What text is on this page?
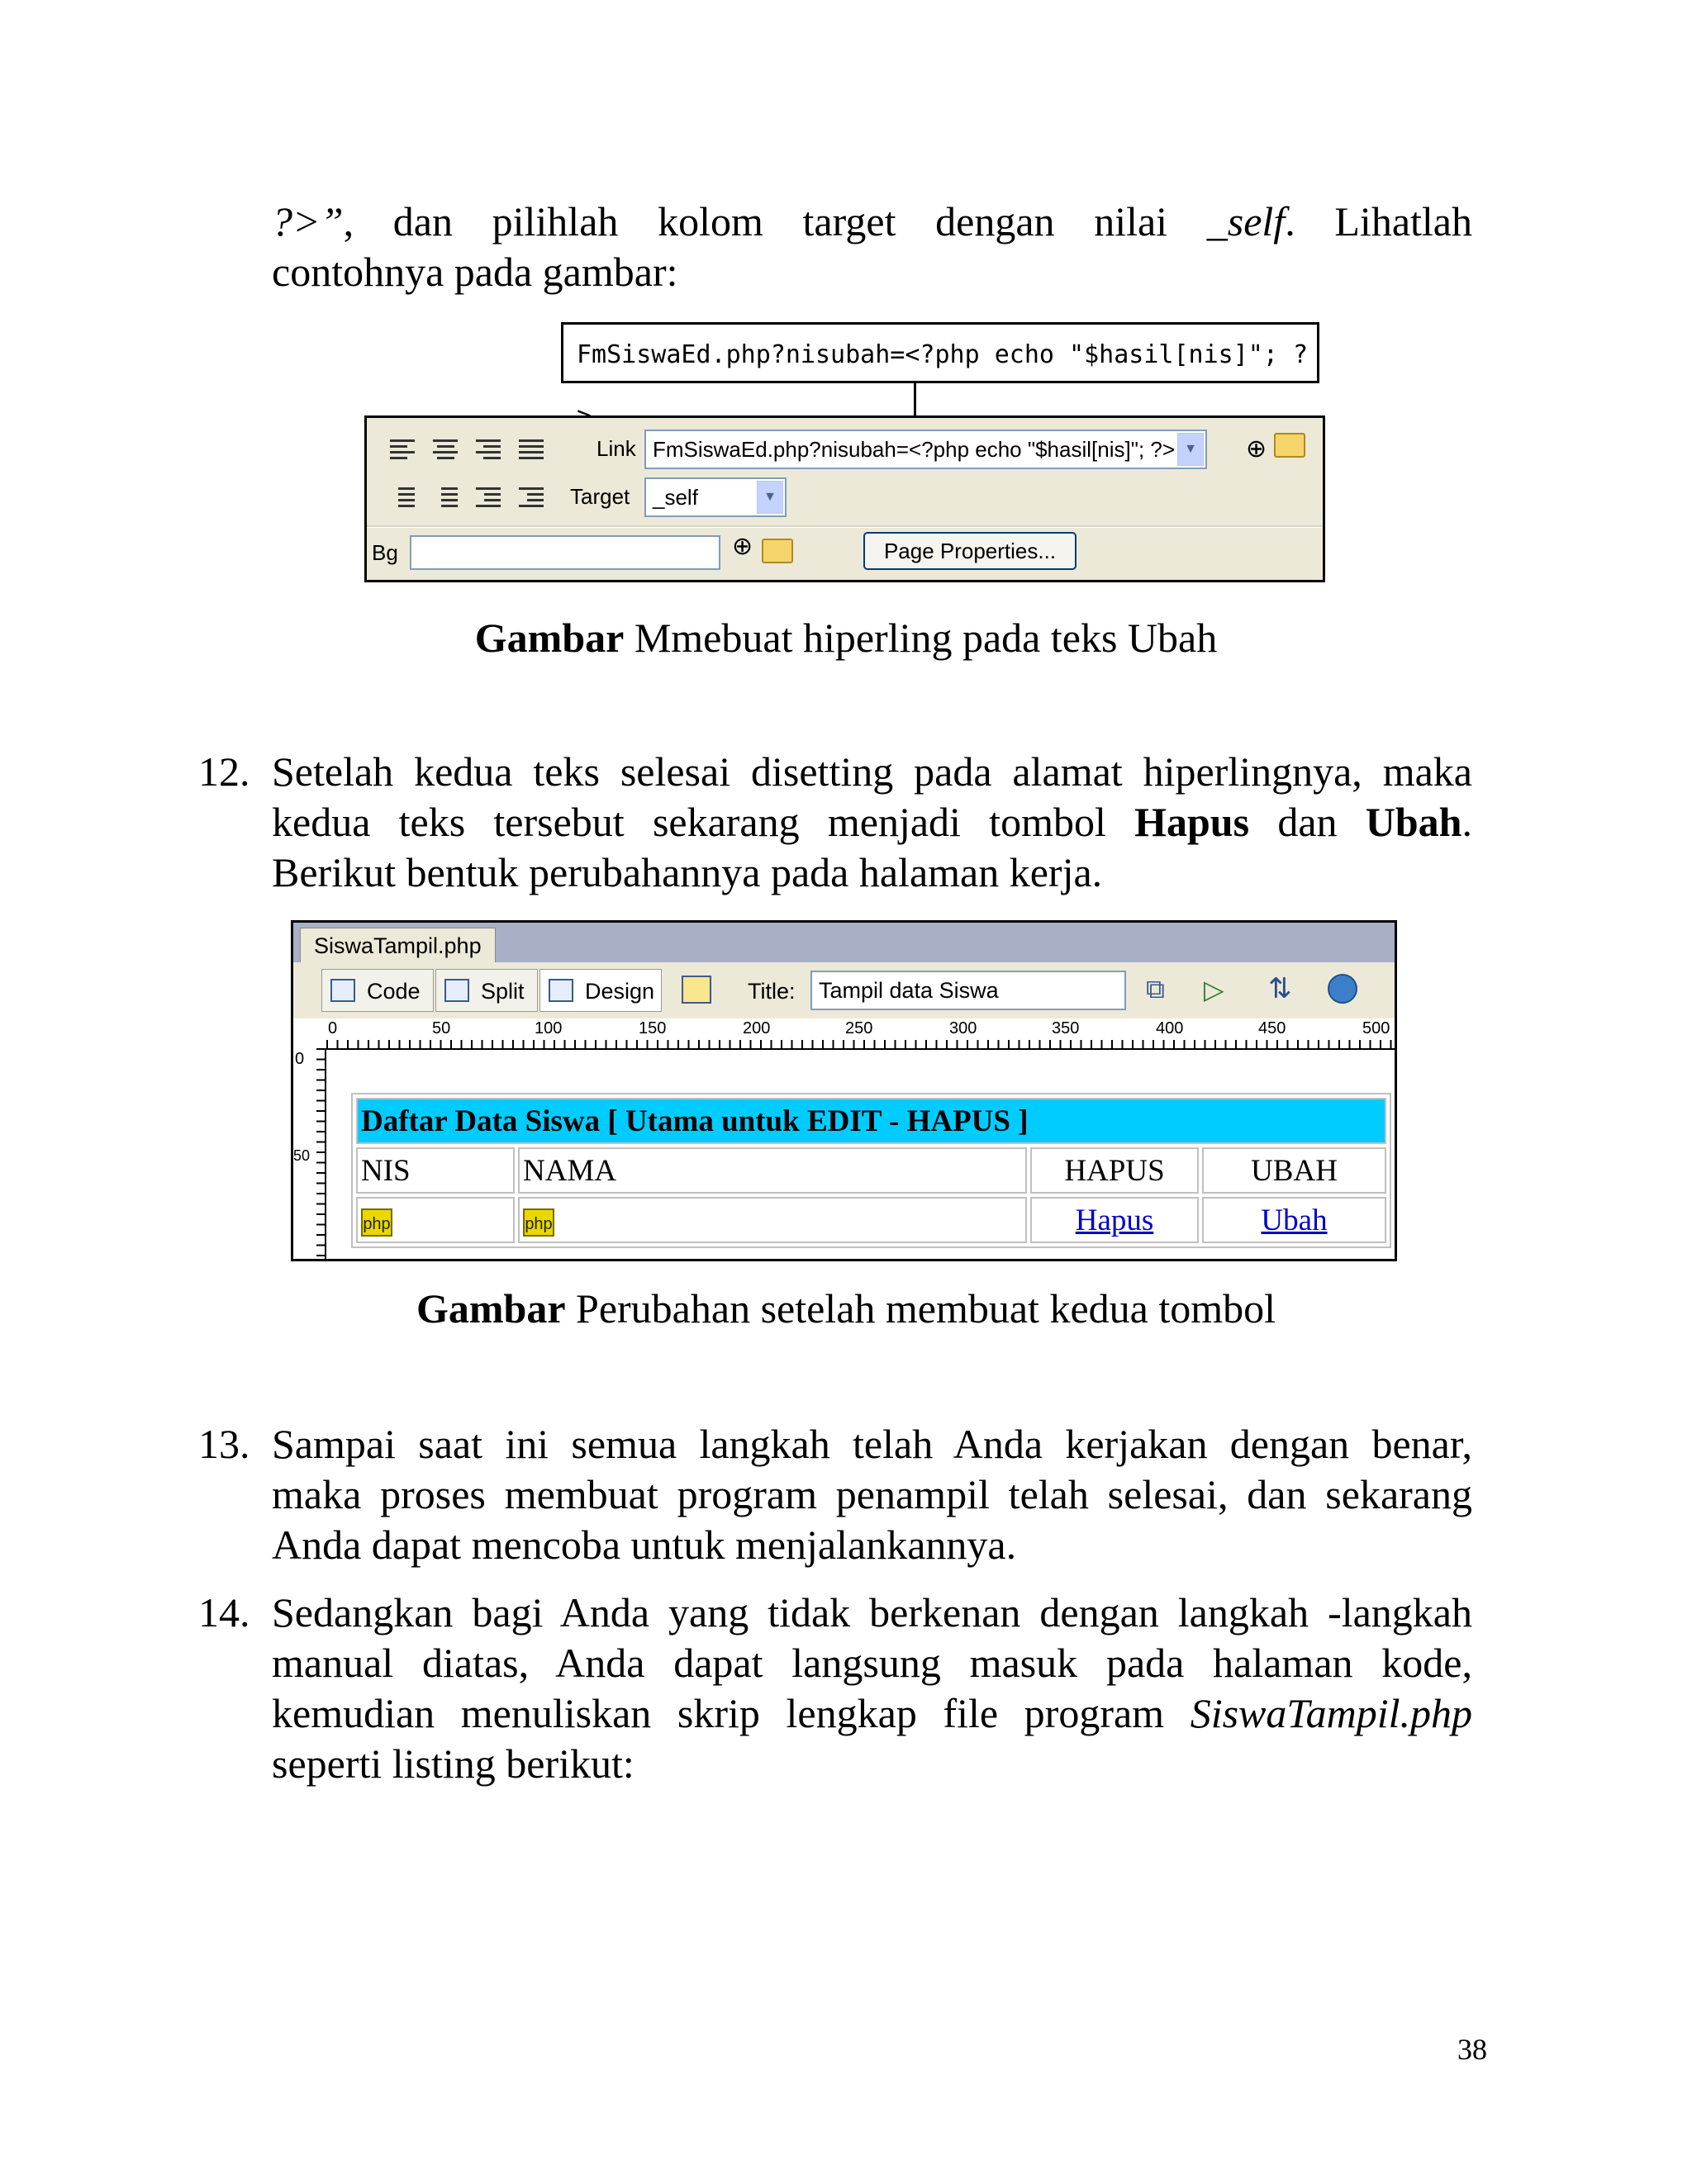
?>”, dan pilihlah kolom target dengan nilai _self. Lihatlah
contohnya pada gambar:
FmSiswaEd.php?nisubah=<?php echo "$hasil[nis]"; ?
Link FmSiswaEd.php?nisubah=<?php echo "$hasil[nis]"; ?> ▼ ⊕
Target	_self	▼
Bg	⊕	Page Properties...
Gambar Mmebuat hiperling pada teks Ubah
12. Setelah kedua teks selesai disetting pada alamat hiperlingnya, maka
kedua teks tersebut sekarang menjadi tombol Hapus dan Ubah.
Berikut bentuk perubahannya pada halaman kerja.
SiswaTampil.php
Code	Split	Design	Title:	Tampil data Siswa	⧉ ▷ ⇅
0	50	100	150	200	250	300	350	400	450	500
0
50
Daftar Data Siswa [ Utama untuk EDIT - HAPUS ]			
NIS	NAMA	HAPUS	UBAH
php	php	Hapus	Ubah
Gambar Perubahan setelah membuat kedua tombol
13. Sampai saat ini semua langkah telah Anda kerjakan dengan benar,
maka proses membuat program penampil telah selesai, dan sekarang
Anda dapat mencoba untuk menjalankannya.
14. Sedangkan bagi Anda yang tidak berkenan dengan langkah -langkah
manual diatas, Anda dapat langsung masuk pada halaman kode,
kemudian menuliskan skrip lengkap file program SiswaTampil.php
seperti listing berikut:
38
